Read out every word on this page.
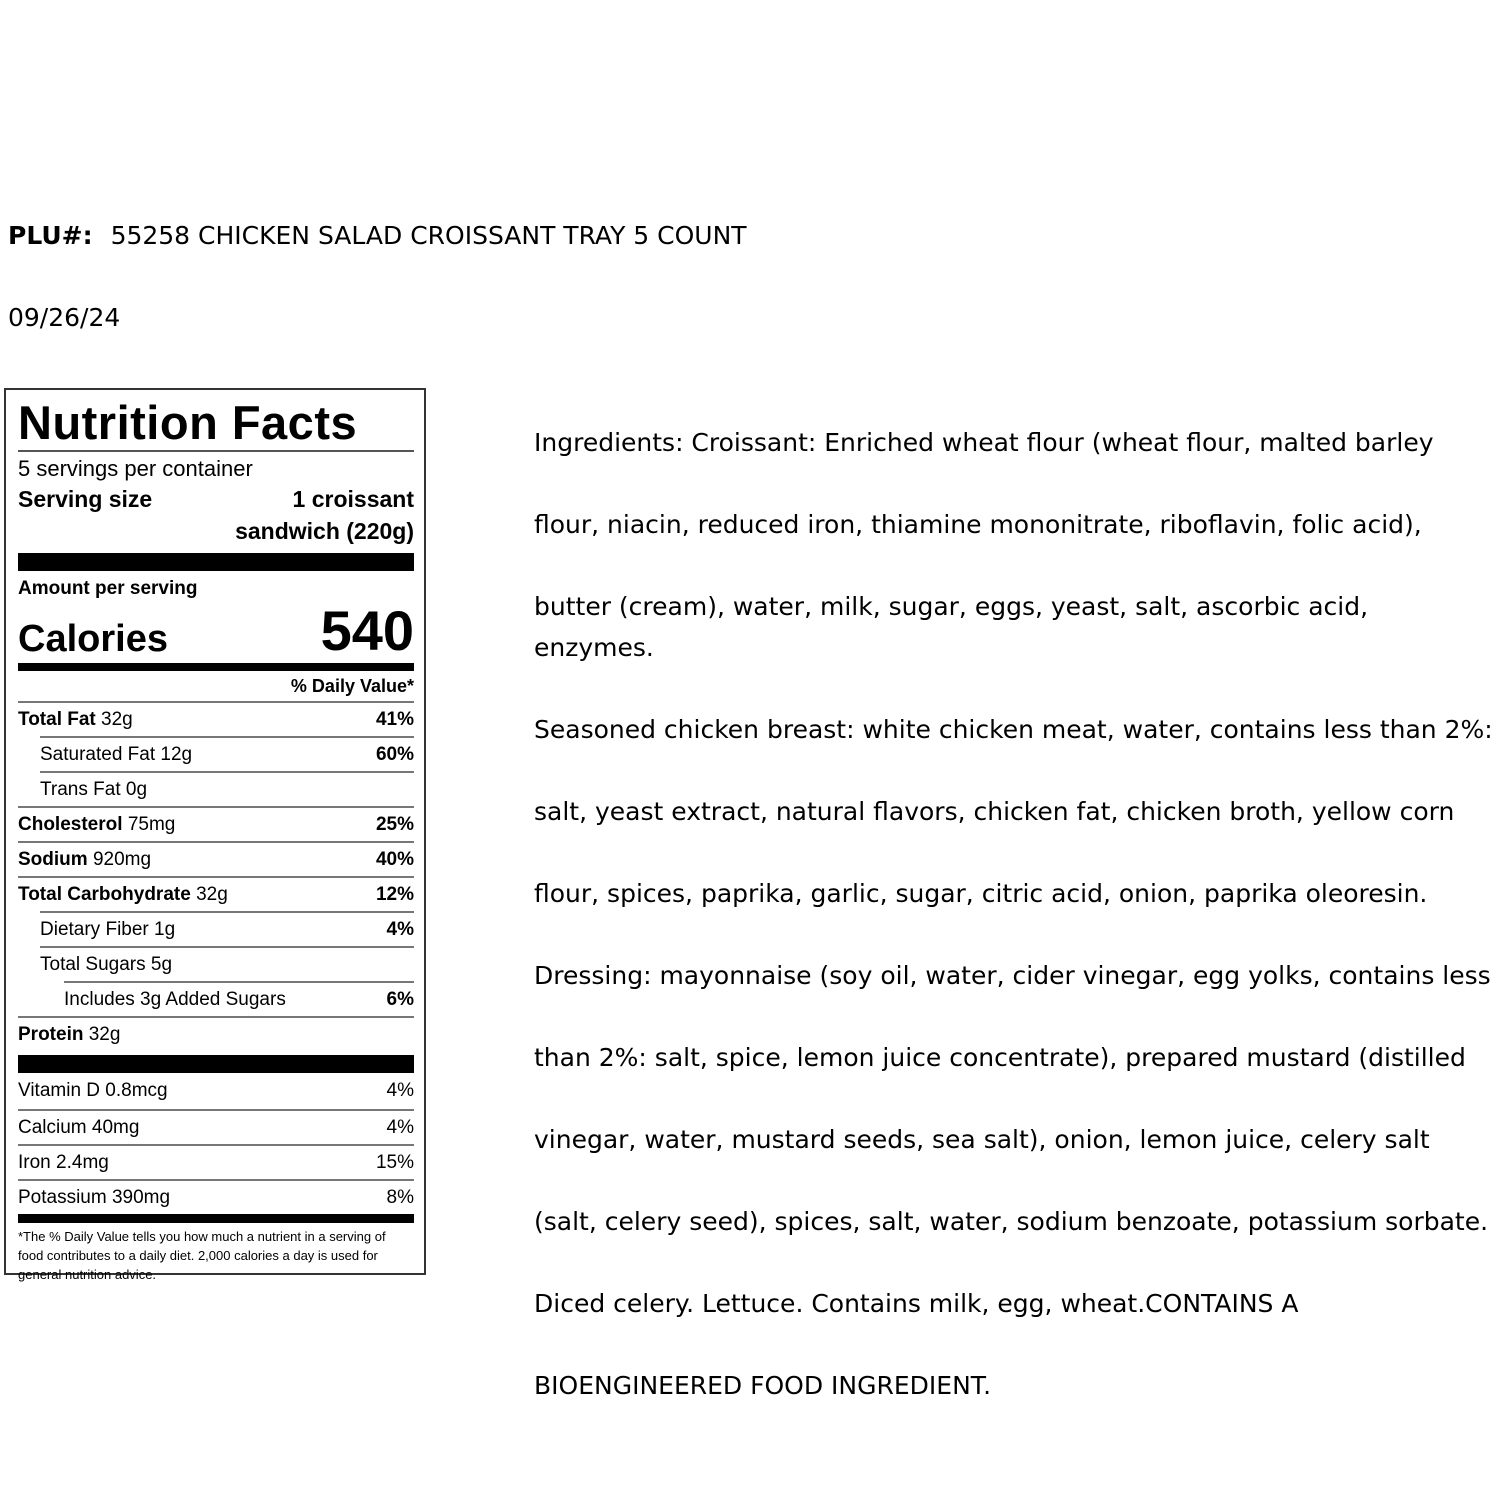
PLU#: 55258 CHICKEN SALAD CROISSANT TRAY 5 COUNT
09/26/24
Nutrition Facts
5 servings per container
Serving size	1 croissant
sandwich (220g)
Amount per serving
Calories	540
% Daily Value*
Total Fat 32g	41%
Saturated Fat 12g	60%
Trans Fat 0g
Cholesterol 75mg	25%
Sodium 920mg	40%
Total Carbohydrate 32g	12%
Dietary Fiber 1g	4%
Total Sugars 5g
Includes 3g Added Sugars	6%
Protein 32g
Vitamin D 0.8mcg	4%
Calcium 40mg	4%
Iron 2.4mg	15%
Potassium 390mg	8%
*The % Daily Value tells you how much a nutrient in a serving of food contributes to a daily diet. 2,000 calories a day is used for general nutrition advice.

Ingredients: Croissant: Enriched wheat flour (wheat flour, malted barley

flour, niacin, reduced iron, thiamine mononitrate, riboflavin, folic acid),

butter (cream), water, milk, sugar, eggs, yeast, salt, ascorbic acid, enzymes.

Seasoned chicken breast: white chicken meat, water, contains less than 2%:

salt, yeast extract, natural flavors, chicken fat, chicken broth, yellow corn

flour, spices, paprika, garlic, sugar, citric acid, onion, paprika oleoresin.

Dressing: mayonnaise (soy oil, water, cider vinegar, egg yolks, contains less

than 2%: salt, spice, lemon juice concentrate), prepared mustard (distilled

vinegar, water, mustard seeds, sea salt), onion, lemon juice, celery salt

(salt, celery seed), spices, salt, water, sodium benzoate, potassium sorbate.

Diced celery. Lettuce. Contains milk, egg, wheat.CONTAINS A

BIOENGINEERED FOOD INGREDIENT.
